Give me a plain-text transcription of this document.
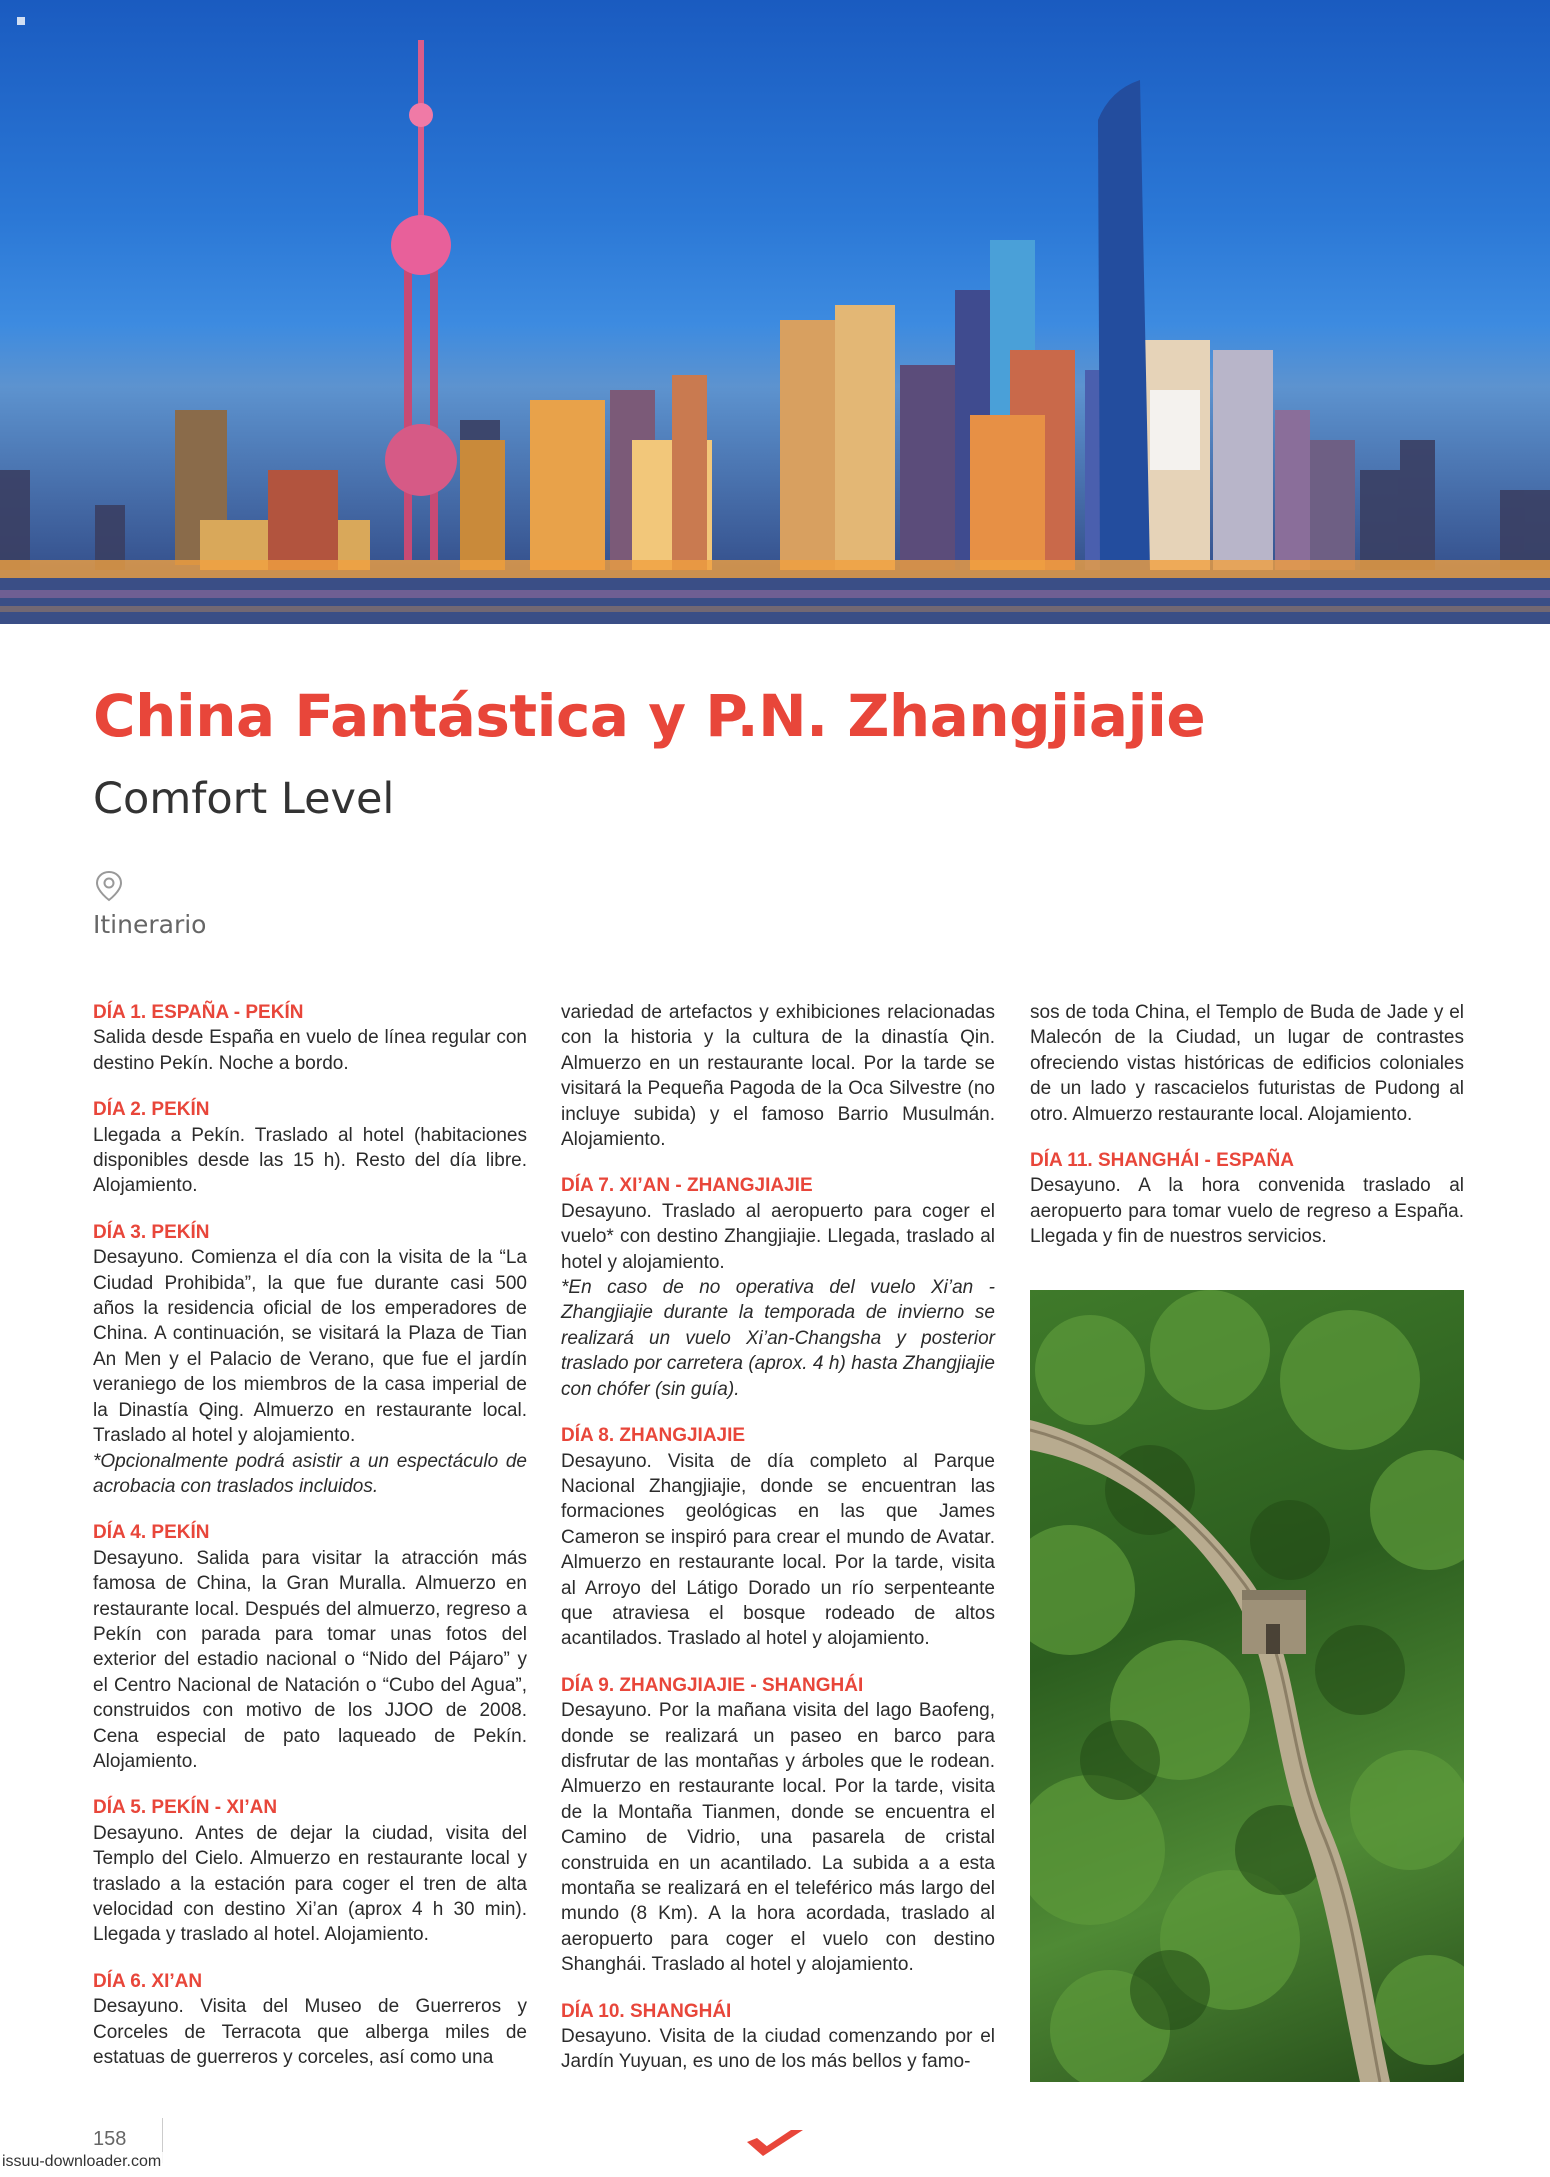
China Fantástica y P.N. Zhangjiajie
Comfort Level
Itinerario

DÍA 1. ESPAÑA - PEKÍN

Salida desde España en vuelo de línea regular con destino Pekín. Noche a bordo.

DÍA 2. PEKÍN

Llegada a Pekín. Traslado al hotel (habitaciones disponibles desde las 15 h). Resto del día libre. Alojamiento.

DÍA 3. PEKÍN

Desayuno. Comienza el día con la visita de la “La Ciudad Prohibida”, la que fue durante casi 500 años la residencia oficial de los emperadores de China. A continuación, se visitará la Plaza de Tian An Men y el Palacio de Verano, que fue el jardín veraniego de los miembros de la casa imperial de la Dinastía Qing. Almuerzo en restaurante local. Traslado al hotel y alojamiento.

*Opcionalmente podrá asistir a un espectáculo de acrobacia con traslados incluidos.

DÍA 4. PEKÍN

Desayuno. Salida para visitar la atracción más famosa de China, la Gran Muralla. Almuerzo en restaurante local. Después del almuerzo, regreso a Pekín con parada para tomar unas fotos del exterior del estadio nacional o “Nido del Pájaro” y el Centro Nacional de Natación o “Cubo del Agua”, construidos con motivo de los JJOO de 2008. Cena especial de pato laqueado de Pekín. Alojamiento.

DÍA 5. PEKÍN - XI’AN

Desayuno. Antes de dejar la ciudad, visita del Templo del Cielo. Almuerzo en restaurante local y traslado a la estación para coger el tren de alta velocidad con destino Xi’an (aprox 4 h 30 min). Llegada y traslado al hotel. Alojamiento.

DÍA 6. XI’AN

Desayuno. Visita del Museo de Guerreros y Corceles de Terracota que alberga miles de estatuas de guerreros y corceles, así como una

variedad de artefactos y exhibiciones relacionadas con la historia y la cultura de la dinastía Qin. Almuerzo en un restaurante local. Por la tarde se visitará la Pequeña Pagoda de la Oca Silvestre (no incluye subida) y el famoso Barrio Musulmán. Alojamiento.

DÍA 7. XI’AN - ZHANGJIAJIE

Desayuno. Traslado al aeropuerto para coger el vuelo* con destino Zhangjiajie. Llegada, traslado al hotel y alojamiento.

*En caso de no operativa del vuelo Xi’an - Zhangjiajie durante la temporada de invierno se realizará un vuelo Xi’an-Changsha y posterior traslado por carretera (aprox. 4 h) hasta Zhangjiajie con chófer (sin guía).

DÍA 8. ZHANGJIAJIE

Desayuno. Visita de día completo al Parque Nacional Zhangjiajie, donde se encuentran las formaciones geológicas en las que James Cameron se inspiró para crear el mundo de Avatar. Almuerzo en restaurante local. Por la tarde, visita al Arroyo del Látigo Dorado un río serpenteante que atraviesa el bosque rodeado de altos acantilados. Traslado al hotel y alojamiento.

DÍA 9. ZHANGJIAJIE - SHANGHÁI

Desayuno. Por la mañana visita del lago Baofeng, donde se realizará un paseo en barco para disfrutar de las montañas y árboles que le rodean. Almuerzo en restaurante local. Por la tarde, visita de la Montaña Tianmen, donde se encuentra el Camino de Vidrio, una pasarela de cristal construida en un acantilado. La subida a a esta montaña se realizará en el teleférico más largo del mundo (8 Km). A la hora acordada, traslado al aeropuerto para coger el vuelo con destino Shanghái. Traslado al hotel y alojamiento.

DÍA 10. SHANGHÁI

Desayuno. Visita de la ciudad comenzando por el Jardín Yuyuan, es uno de los más bellos y famo-

sos de toda China, el Templo de Buda de Jade y el Malecón de la Ciudad, un lugar de contrastes ofreciendo vistas históricas de edificios coloniales de un lado y rascacielos futuristas de Pudong al otro. Almuerzo restaurante local. Alojamiento.

DÍA 11. SHANGHÁI - ESPAÑA

Desayuno. A la hora convenida traslado al aeropuerto para tomar vuelo de regreso a España. Llegada y fin de nuestros servicios.

158
issuu-downloader.com
